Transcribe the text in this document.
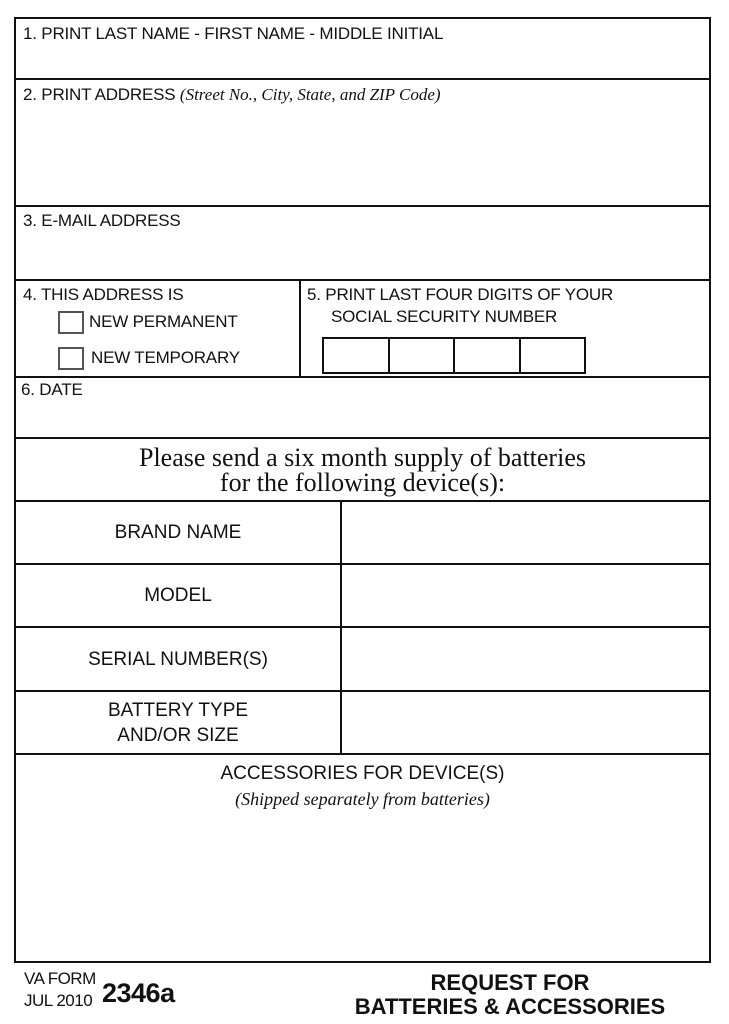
1. PRINT LAST NAME - FIRST NAME - MIDDLE INITIAL
2. PRINT ADDRESS (Street No., City, State, and ZIP Code)
3. E-MAIL ADDRESS
4. THIS ADDRESS IS
NEW PERMANENT
NEW TEMPORARY
5. PRINT LAST FOUR DIGITS OF YOUR
SOCIAL SECURITY NUMBER
6. DATE
Please send a six month supply of batteries
for the following device(s):
BRAND NAME
MODEL
SERIAL NUMBER(S)
BATTERY TYPE
AND/OR SIZE
ACCESSORIES FOR DEVICE(S)
(Shipped separately from batteries)
VA FORM
JUL 2010 2346a	REQUEST FOR
BATTERIES & ACCESSORIES
